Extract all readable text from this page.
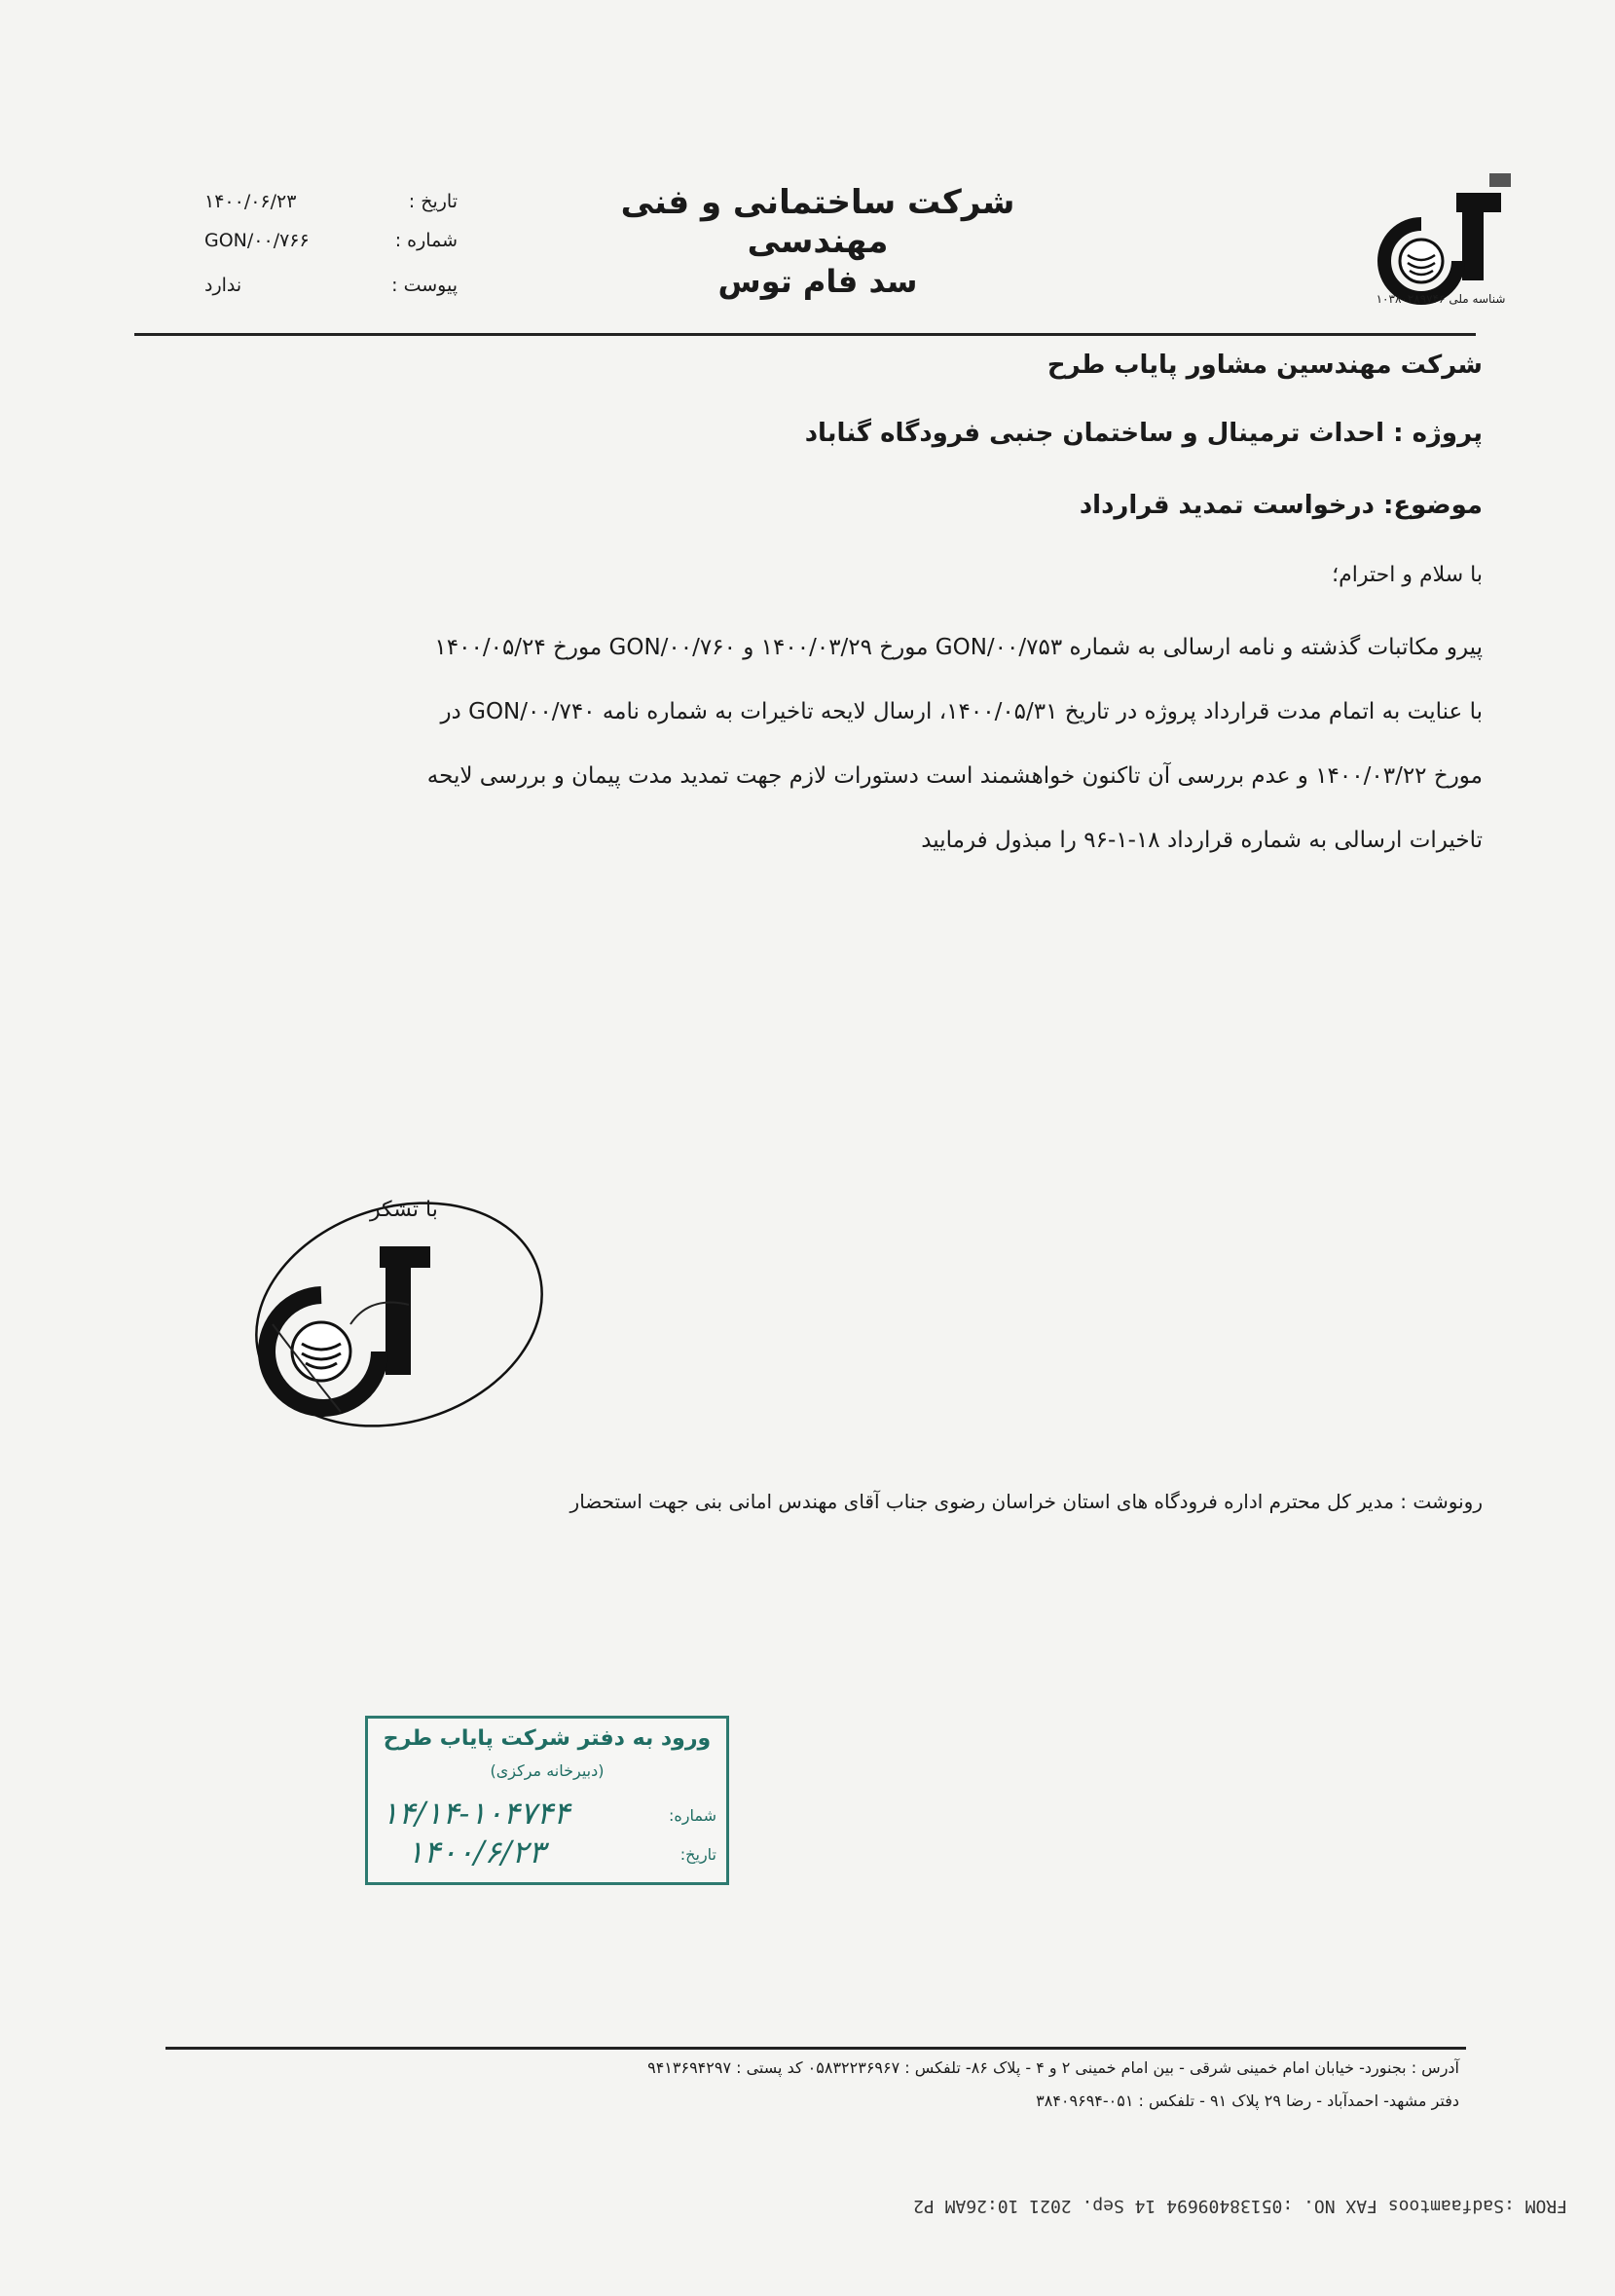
شرکت ساختمانی و فنی مهندسی
سد فام توس
تاریخ :
۱۴۰۰/۰۶/۲۳
شماره :
GON/۰۰/۷۶۶
پیوست :
ندارد
شناسه ملی ۱۰۳۸۰۲۸۹۷۴۶
شرکت مهندسین مشاور پایاب طرح
پروژه : احداث ترمینال و ساختمان جنبی فرودگاه گناباد
موضوع: درخواست تمدید قرارداد
با سلام و احترام؛
پیرو مکاتبات گذشته و نامه ارسالی به شماره GON/۰۰/۷۵۳ مورخ ۱۴۰۰/۰۳/۲۹ و GON/۰۰/۷۶۰ مورخ ۱۴۰۰/۰۵/۲۴
با عنایت به اتمام مدت قرارداد پروژه در تاریخ ۱۴۰۰/۰۵/۳۱، ارسال لایحه تاخیرات به شماره نامه GON/۰۰/۷۴۰ در
مورخ ۱۴۰۰/۰۳/۲۲ و عدم بررسی آن تاکنون خواهشمند است دستورات لازم جهت تمدید مدت پیمان و بررسی لایحه
تاخیرات ارسالی به شماره قرارداد ۱۸-۱-۹۶ را مبذول فرمایید
با تشکر
رونوشت : مدیر کل محترم اداره فرودگاه های استان خراسان رضوی جناب آقای مهندس امانی بنی جهت استحضار
ورود به دفتر شرکت پایاب طرح
(دبیرخانه مرکزی)
شماره:
۱۴/۱۴-۱۰۴۷۴۴
تاریخ:
۱۴۰۰/۶/۲۳
آدرس : بجنورد- خیابان امام خمینی شرقی - بین امام خمینی ۲ و ۴ - پلاک ۸۶- تلفکس : ۰۵۸۳۲۲۳۶۹۶۷ کد پستی : ۹۴۱۳۶۹۴۲۹۷
دفتر مشهد- احمدآباد - رضا ۲۹ پلاک ۹۱ - تلفکس : ۰۵۱-۳۸۴۰۹۶۹۴
FROM :Sadfaamtoos FAX NO. :05138409694 14 Sep. 2021 10:26AM P2
